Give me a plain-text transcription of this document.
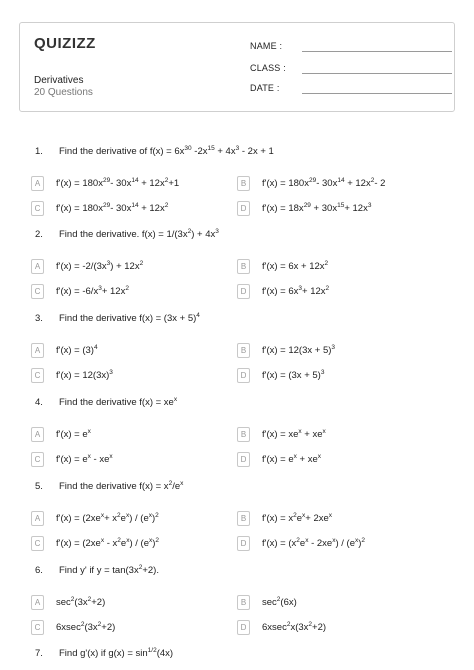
QUIZIZZ
Derivatives
20 Questions
NAME :
CLASS :
DATE :
1. Find the derivative of $f(x) = 6x^{30}$ $-2x^{15} + 4x^3 - 2x + 1$
A	$f'(x) = 180x^{29}-$ $30x^{14} + 12x^2+1$	B	$f'(x) = 180x^{29}-$ $30x^{14} + 12x^2-$ 2
C	$f'(x) = 180x^{29}-$ $30x^{14} + 12x^2$	D	$f'(x) = 18x^{29} + 30x^{15}+ 12x^3$
2. Find the derivative. $f(x) = 1/(3x^2) + 4x^3$
A	$f'(x) = -2/(3x^3) + 12x^2$	B	$f'(x) = 6x + 12x^2$
C	$f'(x) = -6/x^3+ 12x^2$	D	$f'(x) = 6x^3+ 12x^2$
3. Find the derivative $f(x) = (3x + 5)^4$
A	$f'(x) = (3)^4$	B	$f'(x) = 12(3x + 5)^3$
C	$f'(x) = 12(3x)^3$	D	$f'(x) = (3x + 5)^3$
4. Find the derivative $f(x) = xe^x$
A	$f'(x) = e^x$	B	$f'(x) = xe^x + xe^x$
C	$f'(x) = e^x - xe^x$	D	$f'(x) = e^x + xe^x$
5. Find the derivative $f(x) = x^2/e^x$
A	$f'(x) = (2xe^x+ x^2e^x) / (e^x)^2$	B	$f'(x) = x^2e^x+ 2xe^x$
C	$f'(x) = (2xe^x - x^2e^x) / (e^x)^2$	D	$f'(x) = (x^2e^x - 2xe^x) / (e^x)^2$
6. Find y' if $y = \tan(3x^2+2)$.
A	$\sec^2(3x^2+2)$	B	$\sec^2(6x)$
C	$6xsec^2(3x^2+2)$	D	$6xsec^2x(3x^2+2)$
7. Find g'(x) if $g(x) = \sin^{1/2}(4x)$
